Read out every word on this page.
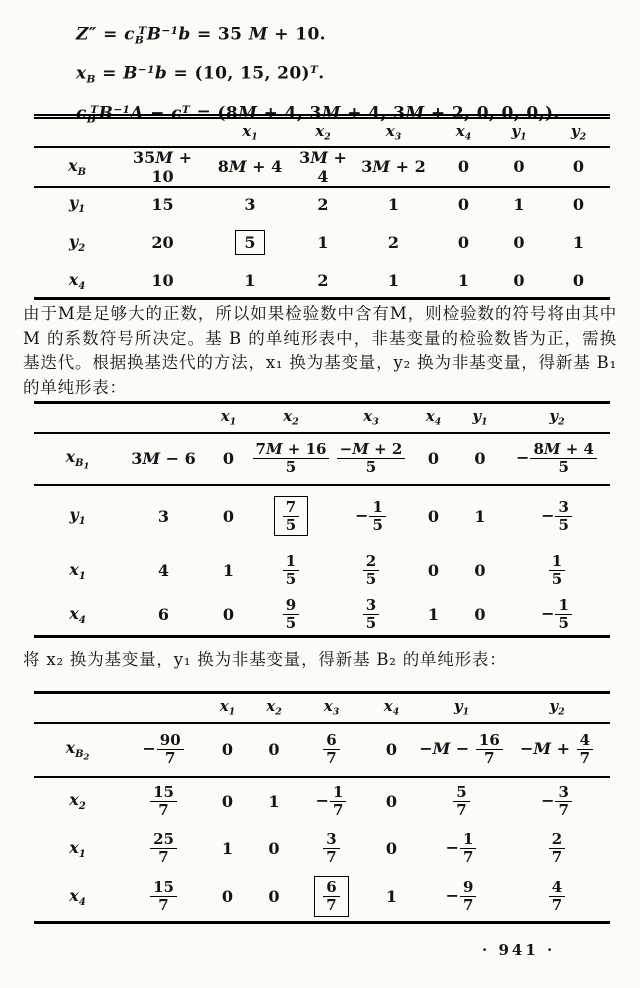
$Z'' = c_B^TB^{-1}b = 35$ M + 10.
$x_B = B^{-1}b = (10$, 15, 20)$^T$.
$c_B^TB^{-1}A - c^T = (8M + 4$, 3M + 4, 3M + 2, 0, 0, 0,).
		$x_1$	$x_2$	$x_3$	$x_4$	$y_1$	$y_2$
$x_B$	35M + 10	8M + 4	3M + 4	3M + 2	0	0	0
$y_1$	15	3	2	1	0	1	0
$y_2$	20	5	1	2	0	0	1
$x_4$	10	1	2	1	1	0	0

由于M是足够大的正数，所以如果检验数中含有M，则检验数的符号将由其中M 的系数符号所决定。基 B 的单纯形表中，非基变量的检验数皆为正，需换基迭代。根据换基迭代的方法，x₁ 换为基变量，y₂ 换为非基变量，得新基 B₁ 的单纯形表：

		$x_1$	$x_2$	$x_3$	$x_4$	$y_1$	$y_2$
$x_{B_1}$	3M − 6	0	$\frac{7M + 16}{5}$	$\frac{-M + 2}{5}$	0	0	− $\frac{8M + 4}{5}$

$y_1$	3	0	$\frac{7}{5}$	− $\frac{1}{5}$	0	1	− $\frac{3}{5}$

$x_1$	4	1	$\frac{1}{5}$	$\frac{2}{5}$	0	0	$\frac{1}{5}$

$x_4$	6	0	$\frac{9}{5}$	$\frac{3}{5}$	1	0	− $\frac{1}{5}$

将 x₂ 换为基变量，y₁ 换为非基变量，得新基 B₂ 的单纯形表：

		$x_1$	$x_2$	$x_3$	$x_4$	$y_1$	$y_2$
$x_{B_2}$	− $\frac{90}{7}$	0	0	$\frac{6}{7}$	0	$-M - \frac{16}{7}$	$-M + \frac{4}{7}$

$x_2$	$\frac{15}{7}$	0	1	− $\frac{1}{7}$	0	$\frac{5}{7}$	− $\frac{3}{7}$

$x_1$	$\frac{25}{7}$	1	0	$\frac{3}{7}$	0	− $\frac{1}{7}$	$\frac{2}{7}$

$x_4$	$\frac{15}{7}$	0	0	$\frac{6}{7}$	1	− $\frac{9}{7}$	$\frac{4}{7}$
· 941 ·
